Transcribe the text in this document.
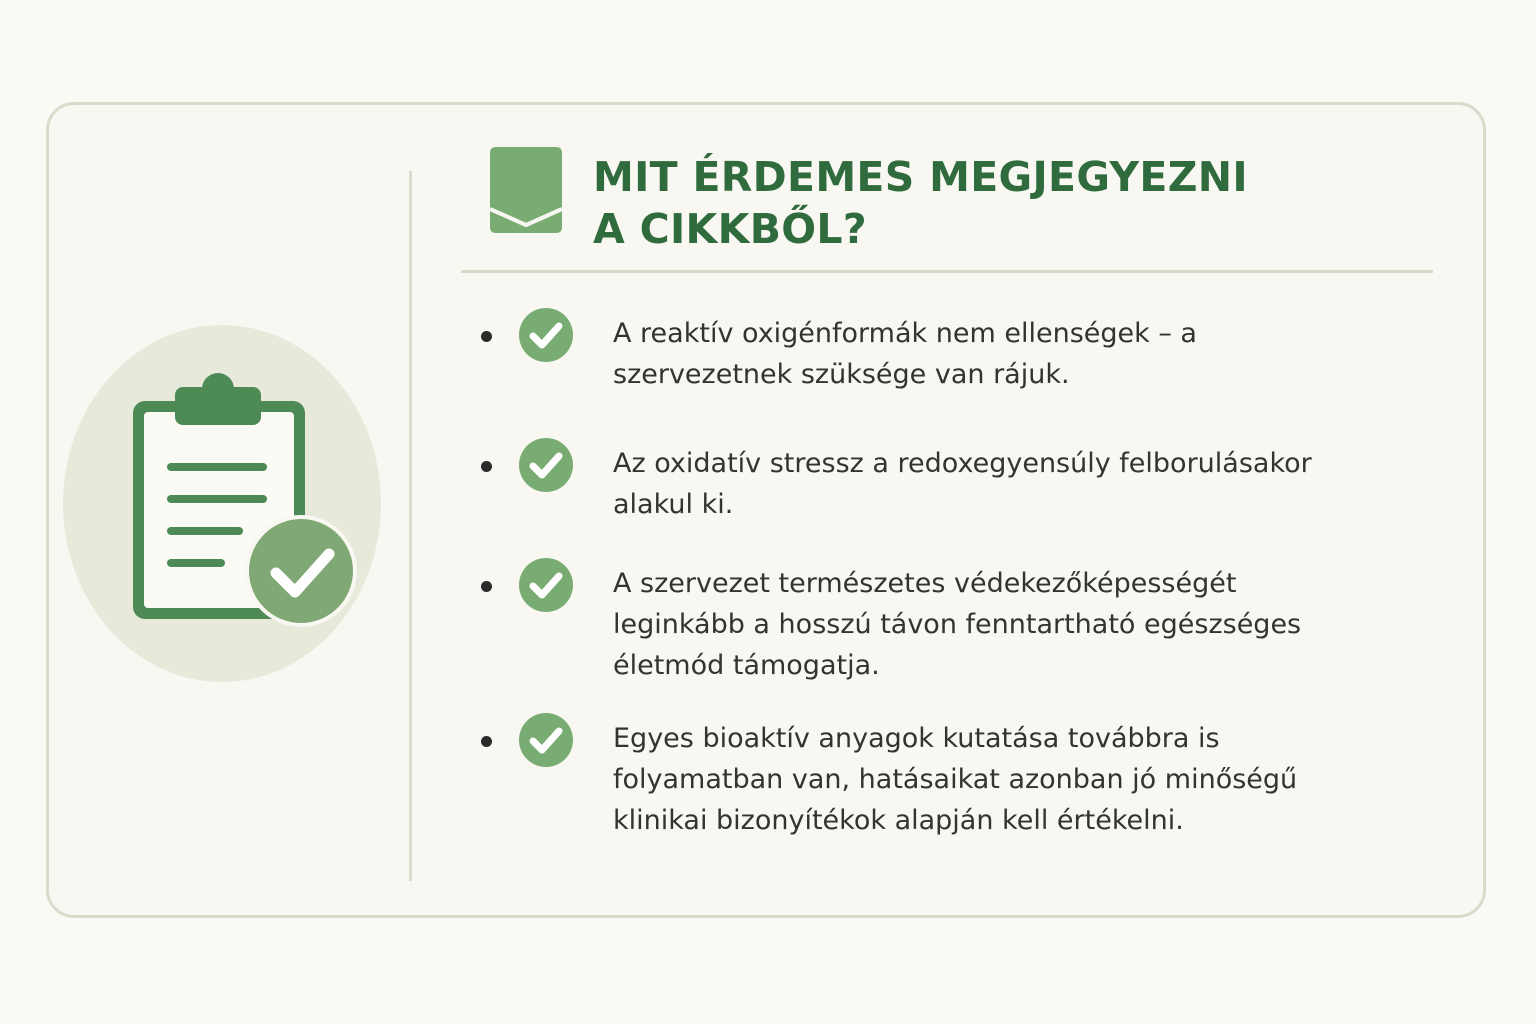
MIT ÉRDEMES MEGJEGYEZNI
A CIKKBŐL?

A reaktív oxigénformák nem ellenségek – a
szervezetnek szüksége van rájuk.

Az oxidatív stressz a redoxegyensúly felborulásakor
alakul ki.

A szervezet természetes védekezőképességét
leginkább a hosszú távon fenntartható egészséges
életmód támogatja.

Egyes bioaktív anyagok kutatása továbbra is
folyamatban van, hatásaikat azonban jó minőségű
klinikai bizonyítékok alapján kell értékelni.
